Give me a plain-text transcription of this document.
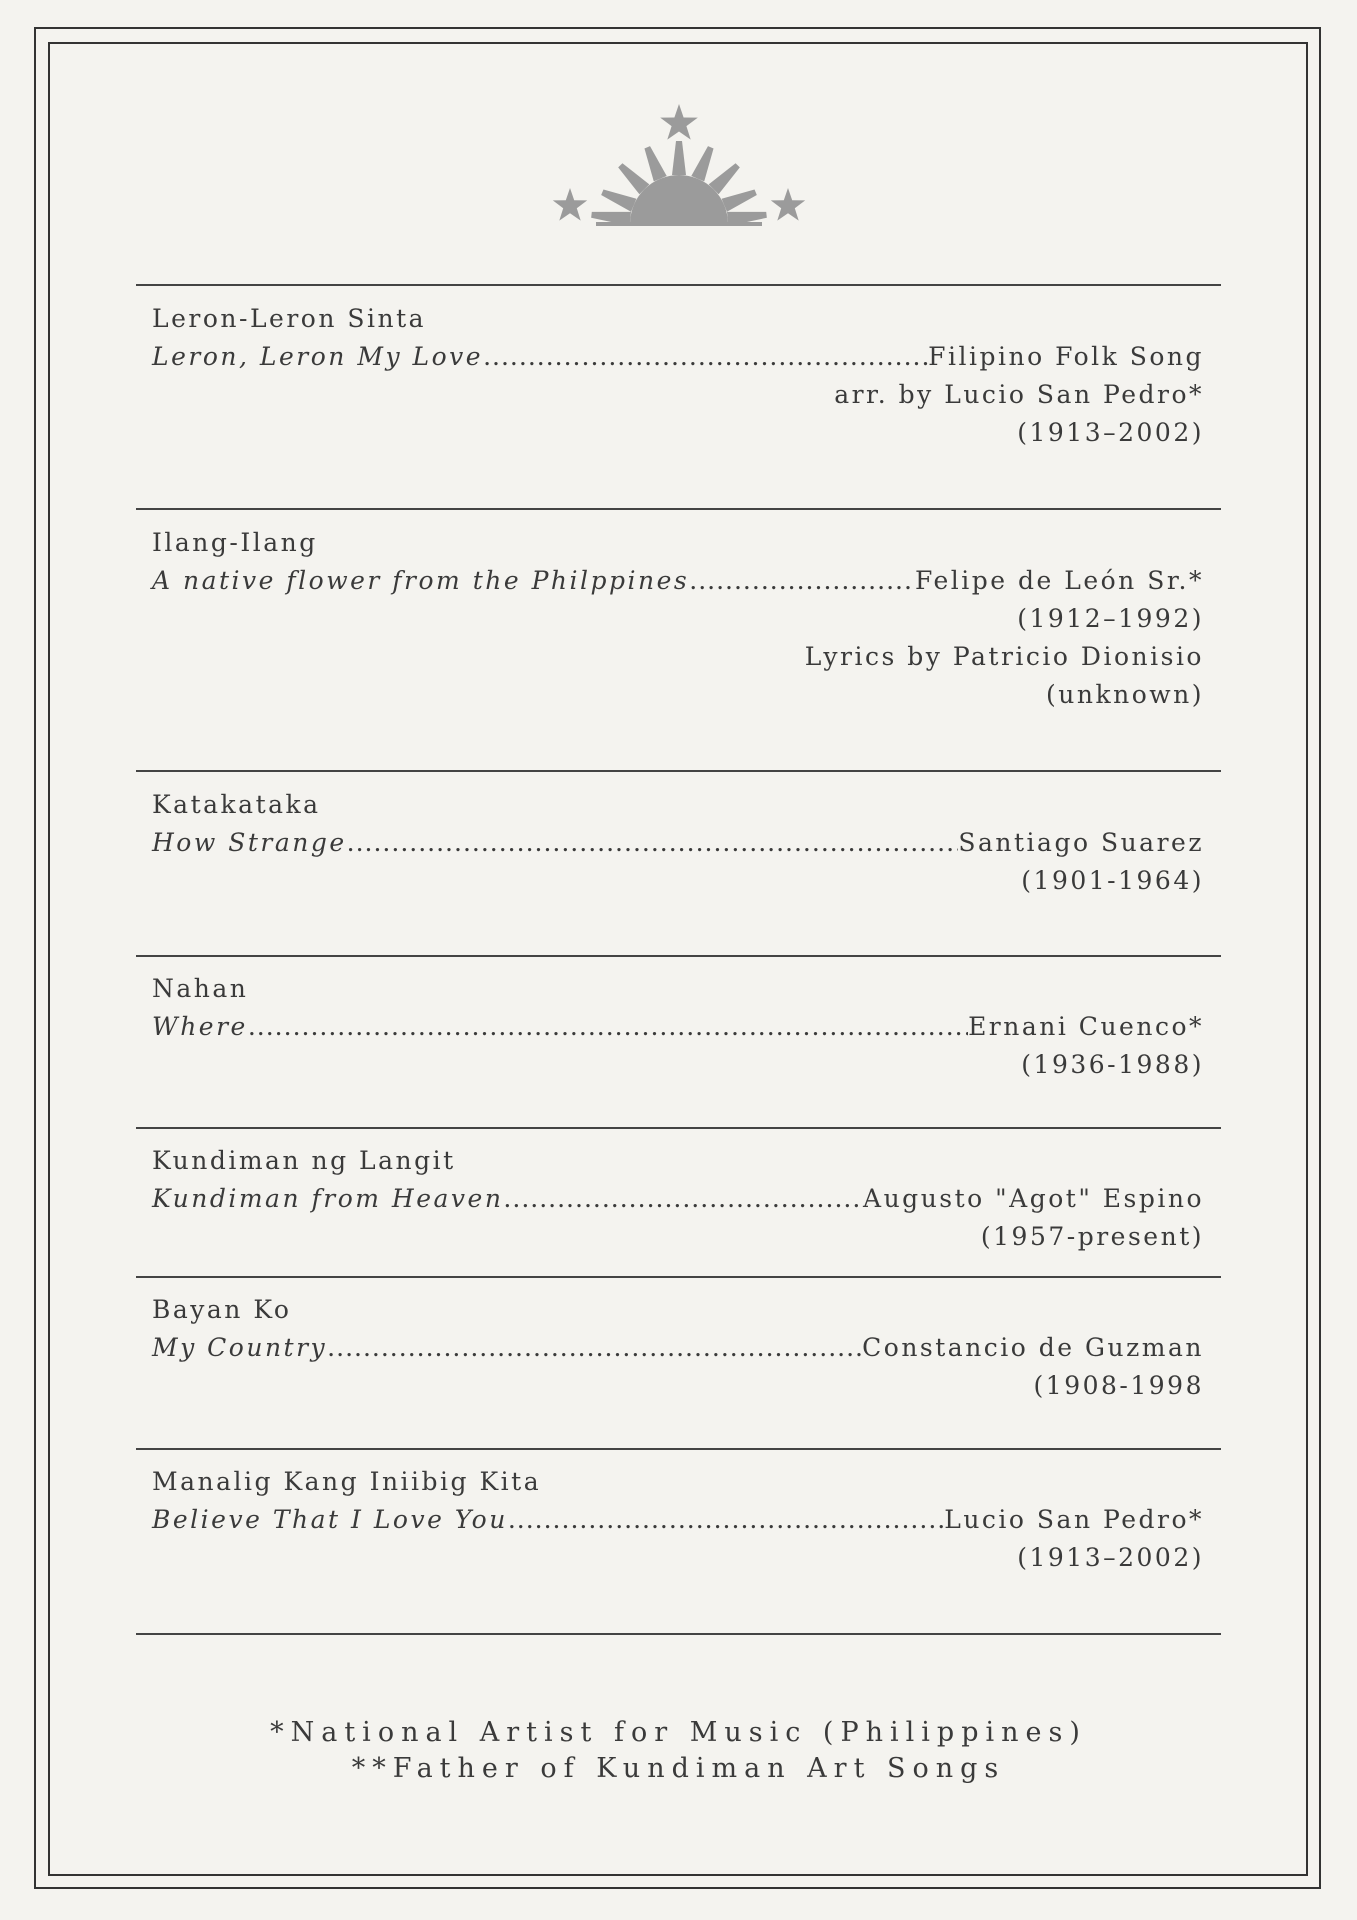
Leron-Leron Sinta
Leron, Leron My Love .....	Filipino Folk Song
arr. by Lucio San Pedro*
(1913–2002)
Ilang-Ilang
A native flower from the Philppines .....	Felipe de León Sr.*
(1912–1992)
Lyrics by Patricio Dionisio
(unknown)
Katakataka
How Strange .....	Santiago Suarez
(1901-1964)
Nahan
Where .....	Ernani Cuenco*
(1936-1988)
Kundiman ng Langit
Kundiman from Heaven .....	Augusto "Agot" Espino
(1957-present)
Bayan Ko
My Country .....	Constancio de Guzman
(1908-1998
Manalig Kang Iniibig Kita
Believe That I Love You .....	Lucio San Pedro*
(1913–2002)
*National Artist for Music (Philippines)
**Father of Kundiman Art Songs
